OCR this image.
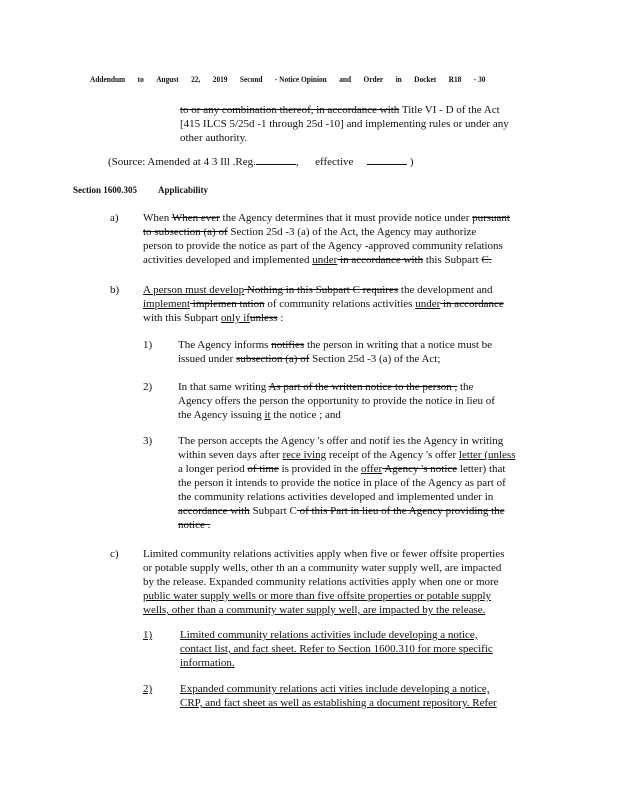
Addendum to August 22, 2019 Second - Notice Opinion and Order in Docket R18 - 30
to or any combination thereof, in accordance with Title VI - D of the Act
[415 ILCS 5/25d -1 through 25d -10] and implementing rules or under any
other authority.
(Source: Amended at 4 3 Ill .Reg.	,      effective	)
Section 1600.305 Applicability
a) When When ever the Agency determines that it must provide notice under pursuant
to subsection (a) of Section 25d -3 (a) of the Act, the Agency may authorize
person to provide the notice as part of the Agency -approved community relations
activities developed and implemented under in accordance with this Subpart C.
b) A person must develop Nothing in this Subpart C requires the development and
implement implemen tation of community relations activities under in accordance
with this Subpart only ifunless :
1) The Agency informs notifies the person in writing that a notice must be
issued under subsection (a) of Section 25d -3 (a) of the Act;
2) In that same writing As part of the written notice to the person , the
Agency offers the person the opportunity to provide the notice in lieu of
the Agency issuing it the notice ; and
3) The person accepts the Agency 's offer and notif ies the Agency in writing
within seven days after rece iving receipt of the Agency 's offer letter (unless
a longer period of time is provided in the offer Agency 's notice letter) that
the person it intends to provide the notice in place of the Agency as part of
the community relations activities developed and implemented under in
accordance with Subpart C of this Part in lieu of the Agency providing the
notice .
c) Limited community relations activities apply when five or fewer offsite properties
or potable supply wells, other th an a community water supply well, are impacted
by the release. Expanded community relations activities apply when one or more
public water supply wells or more than five offsite properties or potable supply
wells, other than a community water supply well, are impacted by the release.
1)	Limited community relations activities include developing a notice,
contact list, and fact sheet. Refer to Section 1600.310 for more specific
information.
2)	Expanded community relations acti vities include developing a notice,
CRP, and fact sheet as well as establishing a document repository. Refer
